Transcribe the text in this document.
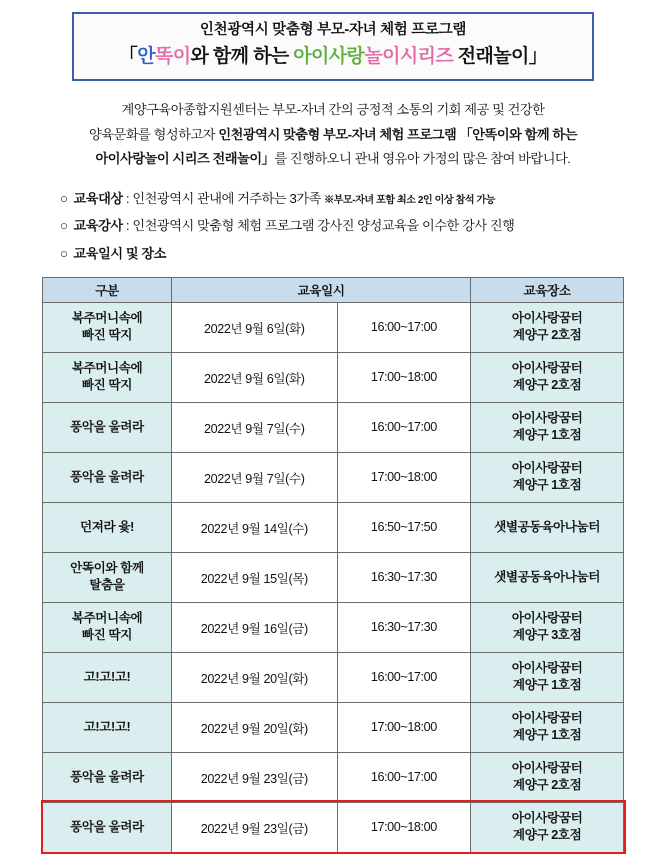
인천광역시 맞춤형 부모-자녀 체험 프로그램
「안똑이와 함께 하는 아이사랑놀이시리즈 전래놀이」
계양구육아종합지원센터는 부모-자녀 간의 긍정적 소통의 기회 제공 및 건강한
양육문화를 형성하고자 인천광역시 맞춤형 부모-자녀 체험 프로그램 「안똑이와 함께 하는
아이사랑놀이 시리즈 전래놀이」를 진행하오니 관내 영유아 가정의 많은 참여 바랍니다.
○ 교육대상 : 인천광역시 관내에 거주하는 3가족 ※부모-자녀 포함 최소 2인 이상 참석 가능
○ 교육강사 : 인천광역시 맞춤형 체험 프로그램 강사진 양성교육을 이수한 강사 진행
○ 교육일시 및 장소
구분	교육일시		교육장소
복주머니속에
빠진 딱지	2022년 9월 6일(화)	16:00~17:00	아이사랑꿈터
계양구 2호점
복주머니속에
빠진 딱지	2022년 9월 6일(화)	17:00~18:00	아이사랑꿈터
계양구 2호점
풍악을 울려라	2022년 9월 7일(수)	16:00~17:00	아이사랑꿈터
계양구 1호점
풍악을 울려라	2022년 9월 7일(수)	17:00~18:00	아이사랑꿈터
계양구 1호점
던져라 윷!	2022년 9월 14일(수)	16:50~17:50	샛별공동육아나눔터
안똑이와 함께
탈춤을	2022년 9월 15일(목)	16:30~17:30	샛별공동육아나눔터
복주머니속에
빠진 딱지	2022년 9월 16일(금)	16:30~17:30	아이사랑꿈터
계양구 3호점
고!고!고!	2022년 9월 20일(화)	16:00~17:00	아이사랑꿈터
계양구 1호점
고!고!고!	2022년 9월 20일(화)	17:00~18:00	아이사랑꿈터
계양구 1호점
풍악을 울려라	2022년 9월 23일(금)	16:00~17:00	아이사랑꿈터
계양구 2호점
풍악을 울려라	2022년 9월 23일(금)	17:00~18:00	아이사랑꿈터
계양구 2호점
